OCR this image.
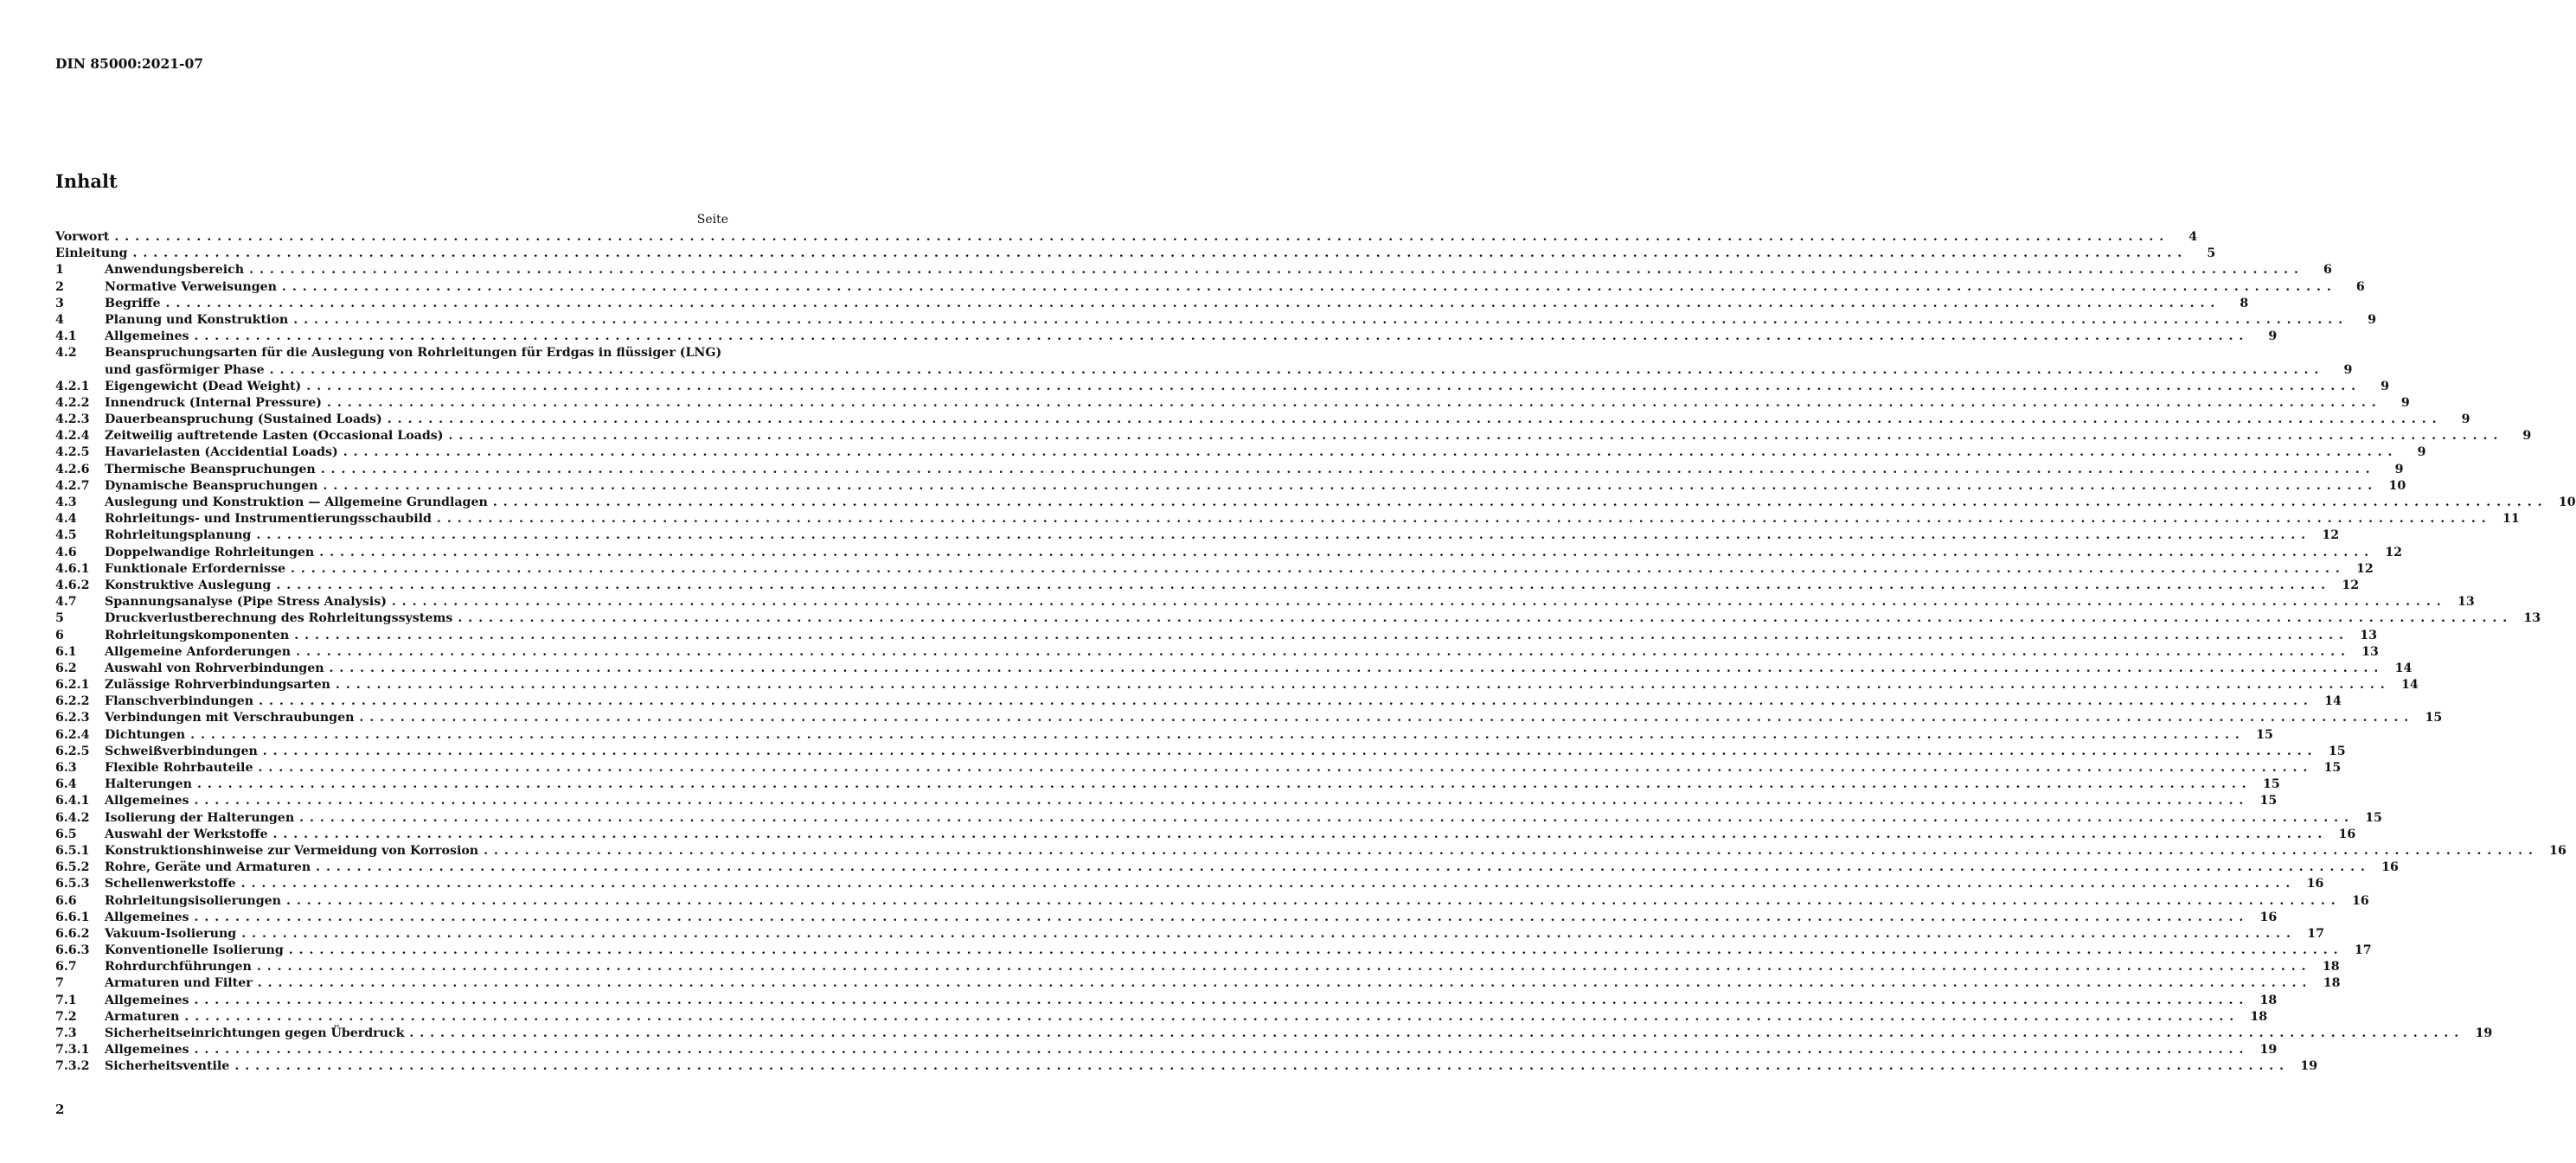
DIN 85000:2021-07
Inhalt
Seite
Vorwort . . . . . . . . . . . . . . . . . . . . . . . . . . . . . . . . . . . . . . . . . . . . . . . . . . . . . . . . . . . . . . . . . . . . . . . . . . . . . . . . . . . . . . . . . . . . . . . . . . . . . . . . . . . . . . . . . . . . . . . . . . . . . . . . . . . . . . . . . . . . . . . . . . . . . . . . . . . . . . . . . . . . . . . . . . . . . . . . . . . . . . . . . . . . . . . . . . . . . . . .	4
Einleitung . . . . . . . . . . . . . . . . . . . . . . . . . . . . . . . . . . . . . . . . . . . . . . . . . . . . . . . . . . . . . . . . . . . . . . . . . . . . . . . . . . . . . . . . . . . . . . . . . . . . . . . . . . . . . . . . . . . . . . . . . . . . . . . . . . . . . . . . . . . . . . . . . . . . . . . . . . . . . . . . . . . . . . . . . . . . . . . . . . . . . . . . . . . . . . . . . . . . . . . .	5
1	Anwendungsbereich . . . . . . . . . . . . . . . . . . . . . . . . . . . . . . . . . . . . . . . . . . . . . . . . . . . . . . . . . . . . . . . . . . . . . . . . . . . . . . . . . . . . . . . . . . . . . . . . . . . . . . . . . . . . . . . . . . . . . . . . . . . . . . . . . . . . . . . . . . . . . . . . . . . . . . . . . . . . . . . . . . . . . . . . . . . . . . . . . . . . . . . . . . . . . . . . . . . . . . . .	6
2	Normative Verweisungen . . . . . . . . . . . . . . . . . . . . . . . . . . . . . . . . . . . . . . . . . . . . . . . . . . . . . . . . . . . . . . . . . . . . . . . . . . . . . . . . . . . . . . . . . . . . . . . . . . . . . . . . . . . . . . . . . . . . . . . . . . . . . . . . . . . . . . . . . . . . . . . . . . . . . . . . . . . . . . . . . . . . . . . . . . . . . . . . . . . . . . . . . . . . . . . . . . . . . . . .	6
3	Begriffe . . . . . . . . . . . . . . . . . . . . . . . . . . . . . . . . . . . . . . . . . . . . . . . . . . . . . . . . . . . . . . . . . . . . . . . . . . . . . . . . . . . . . . . . . . . . . . . . . . . . . . . . . . . . . . . . . . . . . . . . . . . . . . . . . . . . . . . . . . . . . . . . . . . . . . . . . . . . . . . . . . . . . . . . . . . . . . . . . . . . . . . . . . . . . . . . . . . . . . . .	8
4	Planung und Konstruktion . . . . . . . . . . . . . . . . . . . . . . . . . . . . . . . . . . . . . . . . . . . . . . . . . . . . . . . . . . . . . . . . . . . . . . . . . . . . . . . . . . . . . . . . . . . . . . . . . . . . . . . . . . . . . . . . . . . . . . . . . . . . . . . . . . . . . . . . . . . . . . . . . . . . . . . . . . . . . . . . . . . . . . . . . . . . . . . . . . . . . . . . . . . . . . . . . . . . . . . .	9
4.1	Allgemeines . . . . . . . . . . . . . . . . . . . . . . . . . . . . . . . . . . . . . . . . . . . . . . . . . . . . . . . . . . . . . . . . . . . . . . . . . . . . . . . . . . . . . . . . . . . . . . . . . . . . . . . . . . . . . . . . . . . . . . . . . . . . . . . . . . . . . . . . . . . . . . . . . . . . . . . . . . . . . . . . . . . . . . . . . . . . . . . . . . . . . . . . . . . . . . . . . . . . . . . .	9
4.2	Beanspruchungsarten für die Auslegung von Rohrleitungen für Erdgas in flüssiger (LNG)
und gasförmiger Phase . . . . . . . . . . . . . . . . . . . . . . . . . . . . . . . . . . . . . . . . . . . . . . . . . . . . . . . . . . . . . . . . . . . . . . . . . . . . . . . . . . . . . . . . . . . . . . . . . . . . . . . . . . . . . . . . . . . . . . . . . . . . . . . . . . . . . . . . . . . . . . . . . . . . . . . . . . . . . . . . . . . . . . . . . . . . . . . . . . . . . . . . . . . . . . . . . . . . . . . .	9
4.2.1	Eigengewicht (Dead Weight) . . . . . . . . . . . . . . . . . . . . . . . . . . . . . . . . . . . . . . . . . . . . . . . . . . . . . . . . . . . . . . . . . . . . . . . . . . . . . . . . . . . . . . . . . . . . . . . . . . . . . . . . . . . . . . . . . . . . . . . . . . . . . . . . . . . . . . . . . . . . . . . . . . . . . . . . . . . . . . . . . . . . . . . . . . . . . . . . . . . . . . . . . . . . . . . . . . . . . . . .	9
4.2.2	Innendruck (Internal Pressure) . . . . . . . . . . . . . . . . . . . . . . . . . . . . . . . . . . . . . . . . . . . . . . . . . . . . . . . . . . . . . . . . . . . . . . . . . . . . . . . . . . . . . . . . . . . . . . . . . . . . . . . . . . . . . . . . . . . . . . . . . . . . . . . . . . . . . . . . . . . . . . . . . . . . . . . . . . . . . . . . . . . . . . . . . . . . . . . . . . . . . . . . . . . . . . . . . . . . . . . .	9
4.2.3	Dauerbeanspruchung (Sustained Loads) . . . . . . . . . . . . . . . . . . . . . . . . . . . . . . . . . . . . . . . . . . . . . . . . . . . . . . . . . . . . . . . . . . . . . . . . . . . . . . . . . . . . . . . . . . . . . . . . . . . . . . . . . . . . . . . . . . . . . . . . . . . . . . . . . . . . . . . . . . . . . . . . . . . . . . . . . . . . . . . . . . . . . . . . . . . . . . . . . . . . . . . . . . . . . . . . . . . . . . . .	9
4.2.4	Zeitweilig auftretende Lasten (Occasional Loads) . . . . . . . . . . . . . . . . . . . . . . . . . . . . . . . . . . . . . . . . . . . . . . . . . . . . . . . . . . . . . . . . . . . . . . . . . . . . . . . . . . . . . . . . . . . . . . . . . . . . . . . . . . . . . . . . . . . . . . . . . . . . . . . . . . . . . . . . . . . . . . . . . . . . . . . . . . . . . . . . . . . . . . . . . . . . . . . . . . . . . . . . . . . . . . . . . . . . . . . .	9
4.2.5	Havarielasten (Accidential Loads) . . . . . . . . . . . . . . . . . . . . . . . . . . . . . . . . . . . . . . . . . . . . . . . . . . . . . . . . . . . . . . . . . . . . . . . . . . . . . . . . . . . . . . . . . . . . . . . . . . . . . . . . . . . . . . . . . . . . . . . . . . . . . . . . . . . . . . . . . . . . . . . . . . . . . . . . . . . . . . . . . . . . . . . . . . . . . . . . . . . . . . . . . . . . . . . . . . . . . . . .	9
4.2.6	Thermische Beanspruchungen . . . . . . . . . . . . . . . . . . . . . . . . . . . . . . . . . . . . . . . . . . . . . . . . . . . . . . . . . . . . . . . . . . . . . . . . . . . . . . . . . . . . . . . . . . . . . . . . . . . . . . . . . . . . . . . . . . . . . . . . . . . . . . . . . . . . . . . . . . . . . . . . . . . . . . . . . . . . . . . . . . . . . . . . . . . . . . . . . . . . . . . . . . . . . . . . . . . . . . . .	9
4.2.7	Dynamische Beanspruchungen . . . . . . . . . . . . . . . . . . . . . . . . . . . . . . . . . . . . . . . . . . . . . . . . . . . . . . . . . . . . . . . . . . . . . . . . . . . . . . . . . . . . . . . . . . . . . . . . . . . . . . . . . . . . . . . . . . . . . . . . . . . . . . . . . . . . . . . . . . . . . . . . . . . . . . . . . . . . . . . . . . . . . . . . . . . . . . . . . . . . . . . . . . . . . . . . . . . . . . . .	10
4.3	Auslegung und Konstruktion — Allgemeine Grundlagen . . . . . . . . . . . . . . . . . . . . . . . . . . . . . . . . . . . . . . . . . . . . . . . . . . . . . . . . . . . . . . . . . . . . . . . . . . . . . . . . . . . . . . . . . . . . . . . . . . . . . . . . . . . . . . . . . . . . . . . . . . . . . . . . . . . . . . . . . . . . . . . . . . . . . . . . . . . . . . . . . . . . . . . . . . . . . . . . . . . . . . . . . . . . . . . . . . . . . . . .	10
4.4	Rohrleitungs- und Instrumentierungsschaubild . . . . . . . . . . . . . . . . . . . . . . . . . . . . . . . . . . . . . . . . . . . . . . . . . . . . . . . . . . . . . . . . . . . . . . . . . . . . . . . . . . . . . . . . . . . . . . . . . . . . . . . . . . . . . . . . . . . . . . . . . . . . . . . . . . . . . . . . . . . . . . . . . . . . . . . . . . . . . . . . . . . . . . . . . . . . . . . . . . . . . . . . . . . . . . . . . . . . . . . .	11
4.5	Rohrleitungsplanung . . . . . . . . . . . . . . . . . . . . . . . . . . . . . . . . . . . . . . . . . . . . . . . . . . . . . . . . . . . . . . . . . . . . . . . . . . . . . . . . . . . . . . . . . . . . . . . . . . . . . . . . . . . . . . . . . . . . . . . . . . . . . . . . . . . . . . . . . . . . . . . . . . . . . . . . . . . . . . . . . . . . . . . . . . . . . . . . . . . . . . . . . . . . . . . . . . . . . . . .	12
4.6	Doppelwandige Rohrleitungen . . . . . . . . . . . . . . . . . . . . . . . . . . . . . . . . . . . . . . . . . . . . . . . . . . . . . . . . . . . . . . . . . . . . . . . . . . . . . . . . . . . . . . . . . . . . . . . . . . . . . . . . . . . . . . . . . . . . . . . . . . . . . . . . . . . . . . . . . . . . . . . . . . . . . . . . . . . . . . . . . . . . . . . . . . . . . . . . . . . . . . . . . . . . . . . . . . . . . . . .	12
4.6.1	Funktionale Erfordernisse . . . . . . . . . . . . . . . . . . . . . . . . . . . . . . . . . . . . . . . . . . . . . . . . . . . . . . . . . . . . . . . . . . . . . . . . . . . . . . . . . . . . . . . . . . . . . . . . . . . . . . . . . . . . . . . . . . . . . . . . . . . . . . . . . . . . . . . . . . . . . . . . . . . . . . . . . . . . . . . . . . . . . . . . . . . . . . . . . . . . . . . . . . . . . . . . . . . . . . . .	12
4.6.2	Konstruktive Auslegung . . . . . . . . . . . . . . . . . . . . . . . . . . . . . . . . . . . . . . . . . . . . . . . . . . . . . . . . . . . . . . . . . . . . . . . . . . . . . . . . . . . . . . . . . . . . . . . . . . . . . . . . . . . . . . . . . . . . . . . . . . . . . . . . . . . . . . . . . . . . . . . . . . . . . . . . . . . . . . . . . . . . . . . . . . . . . . . . . . . . . . . . . . . . . . . . . . . . . . . .	12
4.7	Spannungsanalyse (Pipe Stress Analysis) . . . . . . . . . . . . . . . . . . . . . . . . . . . . . . . . . . . . . . . . . . . . . . . . . . . . . . . . . . . . . . . . . . . . . . . . . . . . . . . . . . . . . . . . . . . . . . . . . . . . . . . . . . . . . . . . . . . . . . . . . . . . . . . . . . . . . . . . . . . . . . . . . . . . . . . . . . . . . . . . . . . . . . . . . . . . . . . . . . . . . . . . . . . . . . . . . . . . . . . .	13
5	Druckverlustberechnung des Rohrleitungssystems . . . . . . . . . . . . . . . . . . . . . . . . . . . . . . . . . . . . . . . . . . . . . . . . . . . . . . . . . . . . . . . . . . . . . . . . . . . . . . . . . . . . . . . . . . . . . . . . . . . . . . . . . . . . . . . . . . . . . . . . . . . . . . . . . . . . . . . . . . . . . . . . . . . . . . . . . . . . . . . . . . . . . . . . . . . . . . . . . . . . . . . . . . . . . . . . . . . . . . . .	13
6	Rohrleitungskomponenten . . . . . . . . . . . . . . . . . . . . . . . . . . . . . . . . . . . . . . . . . . . . . . . . . . . . . . . . . . . . . . . . . . . . . . . . . . . . . . . . . . . . . . . . . . . . . . . . . . . . . . . . . . . . . . . . . . . . . . . . . . . . . . . . . . . . . . . . . . . . . . . . . . . . . . . . . . . . . . . . . . . . . . . . . . . . . . . . . . . . . . . . . . . . . . . . . . . . . . . .	13
6.1	Allgemeine Anforderungen . . . . . . . . . . . . . . . . . . . . . . . . . . . . . . . . . . . . . . . . . . . . . . . . . . . . . . . . . . . . . . . . . . . . . . . . . . . . . . . . . . . . . . . . . . . . . . . . . . . . . . . . . . . . . . . . . . . . . . . . . . . . . . . . . . . . . . . . . . . . . . . . . . . . . . . . . . . . . . . . . . . . . . . . . . . . . . . . . . . . . . . . . . . . . . . . . . . . . . . .	13
6.2	Auswahl von Rohrverbindungen . . . . . . . . . . . . . . . . . . . . . . . . . . . . . . . . . . . . . . . . . . . . . . . . . . . . . . . . . . . . . . . . . . . . . . . . . . . . . . . . . . . . . . . . . . . . . . . . . . . . . . . . . . . . . . . . . . . . . . . . . . . . . . . . . . . . . . . . . . . . . . . . . . . . . . . . . . . . . . . . . . . . . . . . . . . . . . . . . . . . . . . . . . . . . . . . . . . . . . . .	14
6.2.1	Zulässige Rohrverbindungsarten . . . . . . . . . . . . . . . . . . . . . . . . . . . . . . . . . . . . . . . . . . . . . . . . . . . . . . . . . . . . . . . . . . . . . . . . . . . . . . . . . . . . . . . . . . . . . . . . . . . . . . . . . . . . . . . . . . . . . . . . . . . . . . . . . . . . . . . . . . . . . . . . . . . . . . . . . . . . . . . . . . . . . . . . . . . . . . . . . . . . . . . . . . . . . . . . . . . . . . . .	14
6.2.2	Flanschverbindungen . . . . . . . . . . . . . . . . . . . . . . . . . . . . . . . . . . . . . . . . . . . . . . . . . . . . . . . . . . . . . . . . . . . . . . . . . . . . . . . . . . . . . . . . . . . . . . . . . . . . . . . . . . . . . . . . . . . . . . . . . . . . . . . . . . . . . . . . . . . . . . . . . . . . . . . . . . . . . . . . . . . . . . . . . . . . . . . . . . . . . . . . . . . . . . . . . . . . . . . .	14
6.2.3	Verbindungen mit Verschraubungen . . . . . . . . . . . . . . . . . . . . . . . . . . . . . . . . . . . . . . . . . . . . . . . . . . . . . . . . . . . . . . . . . . . . . . . . . . . . . . . . . . . . . . . . . . . . . . . . . . . . . . . . . . . . . . . . . . . . . . . . . . . . . . . . . . . . . . . . . . . . . . . . . . . . . . . . . . . . . . . . . . . . . . . . . . . . . . . . . . . . . . . . . . . . . . . . . . . . . . . .	15
6.2.4	Dichtungen . . . . . . . . . . . . . . . . . . . . . . . . . . . . . . . . . . . . . . . . . . . . . . . . . . . . . . . . . . . . . . . . . . . . . . . . . . . . . . . . . . . . . . . . . . . . . . . . . . . . . . . . . . . . . . . . . . . . . . . . . . . . . . . . . . . . . . . . . . . . . . . . . . . . . . . . . . . . . . . . . . . . . . . . . . . . . . . . . . . . . . . . . . . . . . . . . . . . . . . .	15
6.2.5	Schweißverbindungen . . . . . . . . . . . . . . . . . . . . . . . . . . . . . . . . . . . . . . . . . . . . . . . . . . . . . . . . . . . . . . . . . . . . . . . . . . . . . . . . . . . . . . . . . . . . . . . . . . . . . . . . . . . . . . . . . . . . . . . . . . . . . . . . . . . . . . . . . . . . . . . . . . . . . . . . . . . . . . . . . . . . . . . . . . . . . . . . . . . . . . . . . . . . . . . . . . . . . . . .	15
6.3	Flexible Rohrbauteile . . . . . . . . . . . . . . . . . . . . . . . . . . . . . . . . . . . . . . . . . . . . . . . . . . . . . . . . . . . . . . . . . . . . . . . . . . . . . . . . . . . . . . . . . . . . . . . . . . . . . . . . . . . . . . . . . . . . . . . . . . . . . . . . . . . . . . . . . . . . . . . . . . . . . . . . . . . . . . . . . . . . . . . . . . . . . . . . . . . . . . . . . . . . . . . . . . . . . . . .	15
6.4	Halterungen . . . . . . . . . . . . . . . . . . . . . . . . . . . . . . . . . . . . . . . . . . . . . . . . . . . . . . . . . . . . . . . . . . . . . . . . . . . . . . . . . . . . . . . . . . . . . . . . . . . . . . . . . . . . . . . . . . . . . . . . . . . . . . . . . . . . . . . . . . . . . . . . . . . . . . . . . . . . . . . . . . . . . . . . . . . . . . . . . . . . . . . . . . . . . . . . . . . . . . . .	15
6.4.1	Allgemeines . . . . . . . . . . . . . . . . . . . . . . . . . . . . . . . . . . . . . . . . . . . . . . . . . . . . . . . . . . . . . . . . . . . . . . . . . . . . . . . . . . . . . . . . . . . . . . . . . . . . . . . . . . . . . . . . . . . . . . . . . . . . . . . . . . . . . . . . . . . . . . . . . . . . . . . . . . . . . . . . . . . . . . . . . . . . . . . . . . . . . . . . . . . . . . . . . . . . . . . .	15
6.4.2	Isolierung der Halterungen . . . . . . . . . . . . . . . . . . . . . . . . . . . . . . . . . . . . . . . . . . . . . . . . . . . . . . . . . . . . . . . . . . . . . . . . . . . . . . . . . . . . . . . . . . . . . . . . . . . . . . . . . . . . . . . . . . . . . . . . . . . . . . . . . . . . . . . . . . . . . . . . . . . . . . . . . . . . . . . . . . . . . . . . . . . . . . . . . . . . . . . . . . . . . . . . . . . . . . . .	15
6.5	Auswahl der Werkstoffe . . . . . . . . . . . . . . . . . . . . . . . . . . . . . . . . . . . . . . . . . . . . . . . . . . . . . . . . . . . . . . . . . . . . . . . . . . . . . . . . . . . . . . . . . . . . . . . . . . . . . . . . . . . . . . . . . . . . . . . . . . . . . . . . . . . . . . . . . . . . . . . . . . . . . . . . . . . . . . . . . . . . . . . . . . . . . . . . . . . . . . . . . . . . . . . . . . . . . . . .	16
6.5.1	Konstruktionshinweise zur Vermeidung von Korrosion . . . . . . . . . . . . . . . . . . . . . . . . . . . . . . . . . . . . . . . . . . . . . . . . . . . . . . . . . . . . . . . . . . . . . . . . . . . . . . . . . . . . . . . . . . . . . . . . . . . . . . . . . . . . . . . . . . . . . . . . . . . . . . . . . . . . . . . . . . . . . . . . . . . . . . . . . . . . . . . . . . . . . . . . . . . . . . . . . . . . . . . . . . . . . . . . . . . . . . . .	16
6.5.2	Rohre, Geräte und Armaturen . . . . . . . . . . . . . . . . . . . . . . . . . . . . . . . . . . . . . . . . . . . . . . . . . . . . . . . . . . . . . . . . . . . . . . . . . . . . . . . . . . . . . . . . . . . . . . . . . . . . . . . . . . . . . . . . . . . . . . . . . . . . . . . . . . . . . . . . . . . . . . . . . . . . . . . . . . . . . . . . . . . . . . . . . . . . . . . . . . . . . . . . . . . . . . . . . . . . . . . .	16
6.5.3	Schellenwerkstoffe . . . . . . . . . . . . . . . . . . . . . . . . . . . . . . . . . . . . . . . . . . . . . . . . . . . . . . . . . . . . . . . . . . . . . . . . . . . . . . . . . . . . . . . . . . . . . . . . . . . . . . . . . . . . . . . . . . . . . . . . . . . . . . . . . . . . . . . . . . . . . . . . . . . . . . . . . . . . . . . . . . . . . . . . . . . . . . . . . . . . . . . . . . . . . . . . . . . . . . . .	16
6.6	Rohrleitungsisolierungen . . . . . . . . . . . . . . . . . . . . . . . . . . . . . . . . . . . . . . . . . . . . . . . . . . . . . . . . . . . . . . . . . . . . . . . . . . . . . . . . . . . . . . . . . . . . . . . . . . . . . . . . . . . . . . . . . . . . . . . . . . . . . . . . . . . . . . . . . . . . . . . . . . . . . . . . . . . . . . . . . . . . . . . . . . . . . . . . . . . . . . . . . . . . . . . . . . . . . . . .	16
6.6.1	Allgemeines . . . . . . . . . . . . . . . . . . . . . . . . . . . . . . . . . . . . . . . . . . . . . . . . . . . . . . . . . . . . . . . . . . . . . . . . . . . . . . . . . . . . . . . . . . . . . . . . . . . . . . . . . . . . . . . . . . . . . . . . . . . . . . . . . . . . . . . . . . . . . . . . . . . . . . . . . . . . . . . . . . . . . . . . . . . . . . . . . . . . . . . . . . . . . . . . . . . . . . . .	16
6.6.2	Vakuum-Isolierung . . . . . . . . . . . . . . . . . . . . . . . . . . . . . . . . . . . . . . . . . . . . . . . . . . . . . . . . . . . . . . . . . . . . . . . . . . . . . . . . . . . . . . . . . . . . . . . . . . . . . . . . . . . . . . . . . . . . . . . . . . . . . . . . . . . . . . . . . . . . . . . . . . . . . . . . . . . . . . . . . . . . . . . . . . . . . . . . . . . . . . . . . . . . . . . . . . . . . . . .	17
6.6.3	Konventionelle Isolierung . . . . . . . . . . . . . . . . . . . . . . . . . . . . . . . . . . . . . . . . . . . . . . . . . . . . . . . . . . . . . . . . . . . . . . . . . . . . . . . . . . . . . . . . . . . . . . . . . . . . . . . . . . . . . . . . . . . . . . . . . . . . . . . . . . . . . . . . . . . . . . . . . . . . . . . . . . . . . . . . . . . . . . . . . . . . . . . . . . . . . . . . . . . . . . . . . . . . . . . .	17
6.7	Rohrdurchführungen . . . . . . . . . . . . . . . . . . . . . . . . . . . . . . . . . . . . . . . . . . . . . . . . . . . . . . . . . . . . . . . . . . . . . . . . . . . . . . . . . . . . . . . . . . . . . . . . . . . . . . . . . . . . . . . . . . . . . . . . . . . . . . . . . . . . . . . . . . . . . . . . . . . . . . . . . . . . . . . . . . . . . . . . . . . . . . . . . . . . . . . . . . . . . . . . . . . . . . . .	18
7	Armaturen und Filter . . . . . . . . . . . . . . . . . . . . . . . . . . . . . . . . . . . . . . . . . . . . . . . . . . . . . . . . . . . . . . . . . . . . . . . . . . . . . . . . . . . . . . . . . . . . . . . . . . . . . . . . . . . . . . . . . . . . . . . . . . . . . . . . . . . . . . . . . . . . . . . . . . . . . . . . . . . . . . . . . . . . . . . . . . . . . . . . . . . . . . . . . . . . . . . . . . . . . . . .	18
7.1	Allgemeines . . . . . . . . . . . . . . . . . . . . . . . . . . . . . . . . . . . . . . . . . . . . . . . . . . . . . . . . . . . . . . . . . . . . . . . . . . . . . . . . . . . . . . . . . . . . . . . . . . . . . . . . . . . . . . . . . . . . . . . . . . . . . . . . . . . . . . . . . . . . . . . . . . . . . . . . . . . . . . . . . . . . . . . . . . . . . . . . . . . . . . . . . . . . . . . . . . . . . . . .	18
7.2	Armaturen . . . . . . . . . . . . . . . . . . . . . . . . . . . . . . . . . . . . . . . . . . . . . . . . . . . . . . . . . . . . . . . . . . . . . . . . . . . . . . . . . . . . . . . . . . . . . . . . . . . . . . . . . . . . . . . . . . . . . . . . . . . . . . . . . . . . . . . . . . . . . . . . . . . . . . . . . . . . . . . . . . . . . . . . . . . . . . . . . . . . . . . . . . . . . . . . . . . . . . . .	18
7.3	Sicherheitseinrichtungen gegen Überdruck . . . . . . . . . . . . . . . . . . . . . . . . . . . . . . . . . . . . . . . . . . . . . . . . . . . . . . . . . . . . . . . . . . . . . . . . . . . . . . . . . . . . . . . . . . . . . . . . . . . . . . . . . . . . . . . . . . . . . . . . . . . . . . . . . . . . . . . . . . . . . . . . . . . . . . . . . . . . . . . . . . . . . . . . . . . . . . . . . . . . . . . . . . . . . . . . . . . . . . . .	19
7.3.1	Allgemeines . . . . . . . . . . . . . . . . . . . . . . . . . . . . . . . . . . . . . . . . . . . . . . . . . . . . . . . . . . . . . . . . . . . . . . . . . . . . . . . . . . . . . . . . . . . . . . . . . . . . . . . . . . . . . . . . . . . . . . . . . . . . . . . . . . . . . . . . . . . . . . . . . . . . . . . . . . . . . . . . . . . . . . . . . . . . . . . . . . . . . . . . . . . . . . . . . . . . . . . .	19
7.3.2	Sicherheitsventile . . . . . . . . . . . . . . . . . . . . . . . . . . . . . . . . . . . . . . . . . . . . . . . . . . . . . . . . . . . . . . . . . . . . . . . . . . . . . . . . . . . . . . . . . . . . . . . . . . . . . . . . . . . . . . . . . . . . . . . . . . . . . . . . . . . . . . . . . . . . . . . . . . . . . . . . . . . . . . . . . . . . . . . . . . . . . . . . . . . . . . . . . . . . . . . . . . . . . . . .	19
2
